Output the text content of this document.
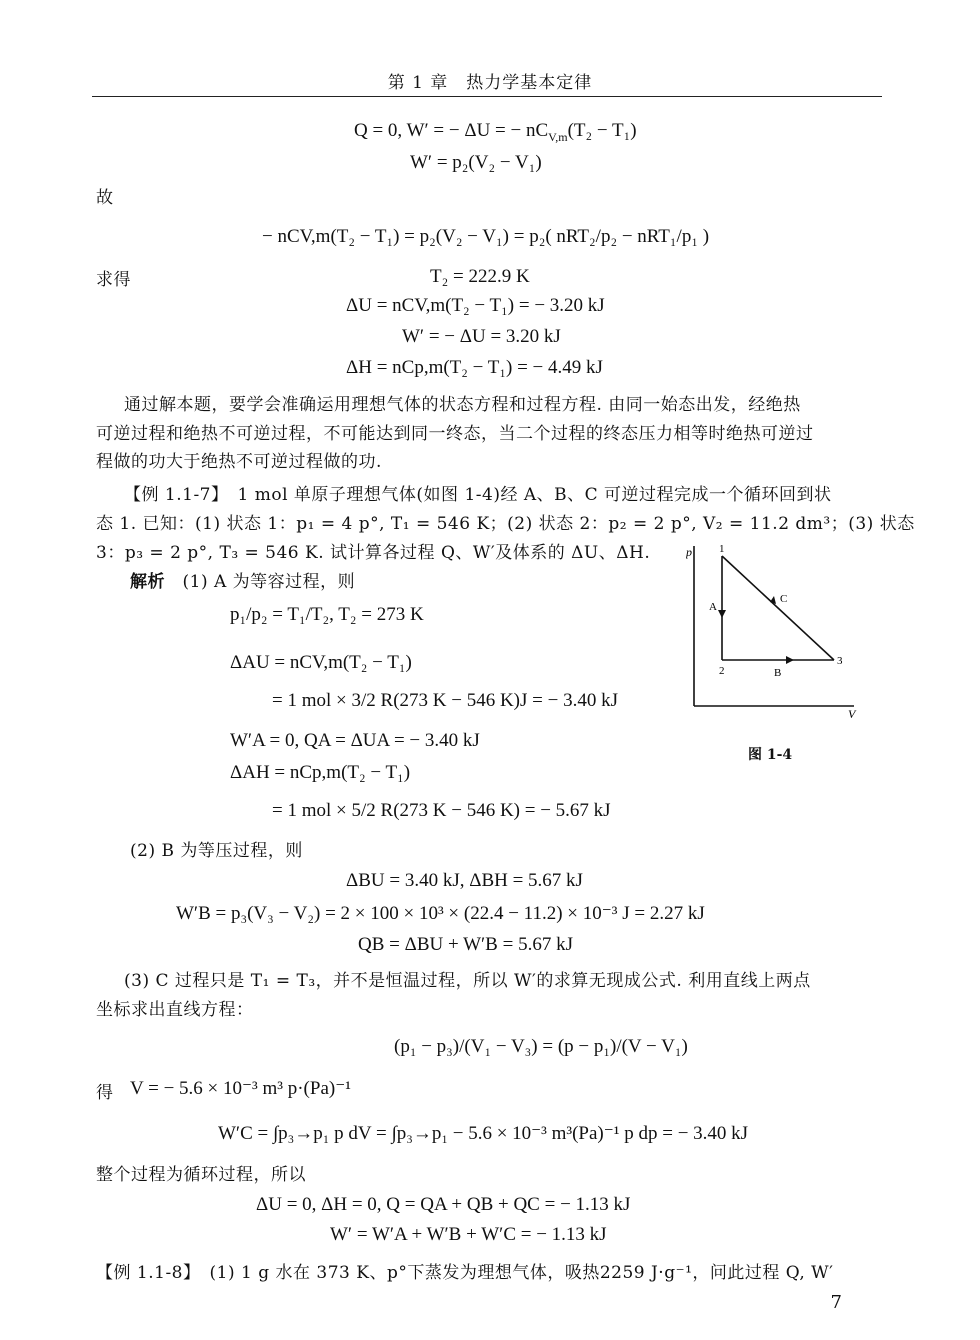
第 1 章　热力学基本定律
Q = 0, W′ = − ΔU = − $nC_{V,m}(T_2 - T_1)$
W′ = p₂(V₂ − V₁)
故
− nCV,m(T₂ − T₁) = p₂(V₂ − V₁) = p₂( nRT₂/p₂ − nRT₁/p₁ )
求得	T₂ = 222.9 K
ΔU = nCV,m(T₂ − T₁) = − 3.20 kJ
W′ = − ΔU = 3.20 kJ
ΔH = nCp,m(T₂ − T₁) = − 4.49 kJ
通过解本题，要学会准确运用理想气体的状态方程和过程方程. 由同一始态出发，经绝热
可逆过程和绝热不可逆过程，不可能达到同一终态，当二个过程的终态压力相等时绝热可逆过
程做的功大于绝热不可逆过程做的功.
【例 1.1-7】　1 mol 单原子理想气体(如图 1-4)经 A、B、C 可逆过程完成一个循环回到状
态 1. 已知：(1) 状态 1：p₁ = 4 p°, T₁ = 546 K；(2) 状态 2：p₂ = 2 p°, V₂ = 11.2 dm³；(3) 状态
3：p₃ = 2 p°, T₃ = 546 K. 试计算各过程 Q、W′及体系的 ΔU、ΔH.
解析　 (1) A 为等容过程，则
p₁/p₂ = T₁/T₂, T₂ = 273 K
ΔAU = nCV,m(T₂ − T₁)
= 1 mol × 3/2 R(273 K − 546 K)J = − 3.40 kJ
W′A = 0, QA = ΔUA = − 3.40 kJ
ΔAH = nCp,m(T₂ − T₁)
= 1 mol × 5/2 R(273 K − 546 K) = − 5.67 kJ
(2) B 为等压过程，则
ΔBU = 3.40 kJ, ΔBH = 5.67 kJ
W′B = p₃(V₃ − V₂) = 2 × 100 × 10³ × (22.4 − 11.2) × 10⁻³ J = 2.27 kJ
QB = ΔBU + W′B = 5.67 kJ
(3) C 过程只是 T₁ = T₃，并不是恒温过程，所以 W′的求算无现成公式. 利用直线上两点
坐标求出直线方程：
(p₁ − p₃)/(V₁ − V₃) = (p − p₁)/(V − V₁)
得 V = − 5.6 × 10⁻³ m³ p·(Pa)⁻¹
W′C = ∫p₃→p₁ p dV = ∫p₃→p₁ − 5.6 × 10⁻³ m³(Pa)⁻¹ p dp = − 3.40 kJ
整个过程为循环过程，所以
ΔU = 0, ΔH = 0, Q = QA + QB + QC = − 1.13 kJ
W′ = W′A + W′B + W′C = − 1.13 kJ
【例 1.1-8】　(1) 1 g 水在 373 K、p°下蒸发为理想气体，吸热2259 J·g⁻¹，问此过程 Q, W′
7
p
V
1
2
3
A
B
C
图 1-4
